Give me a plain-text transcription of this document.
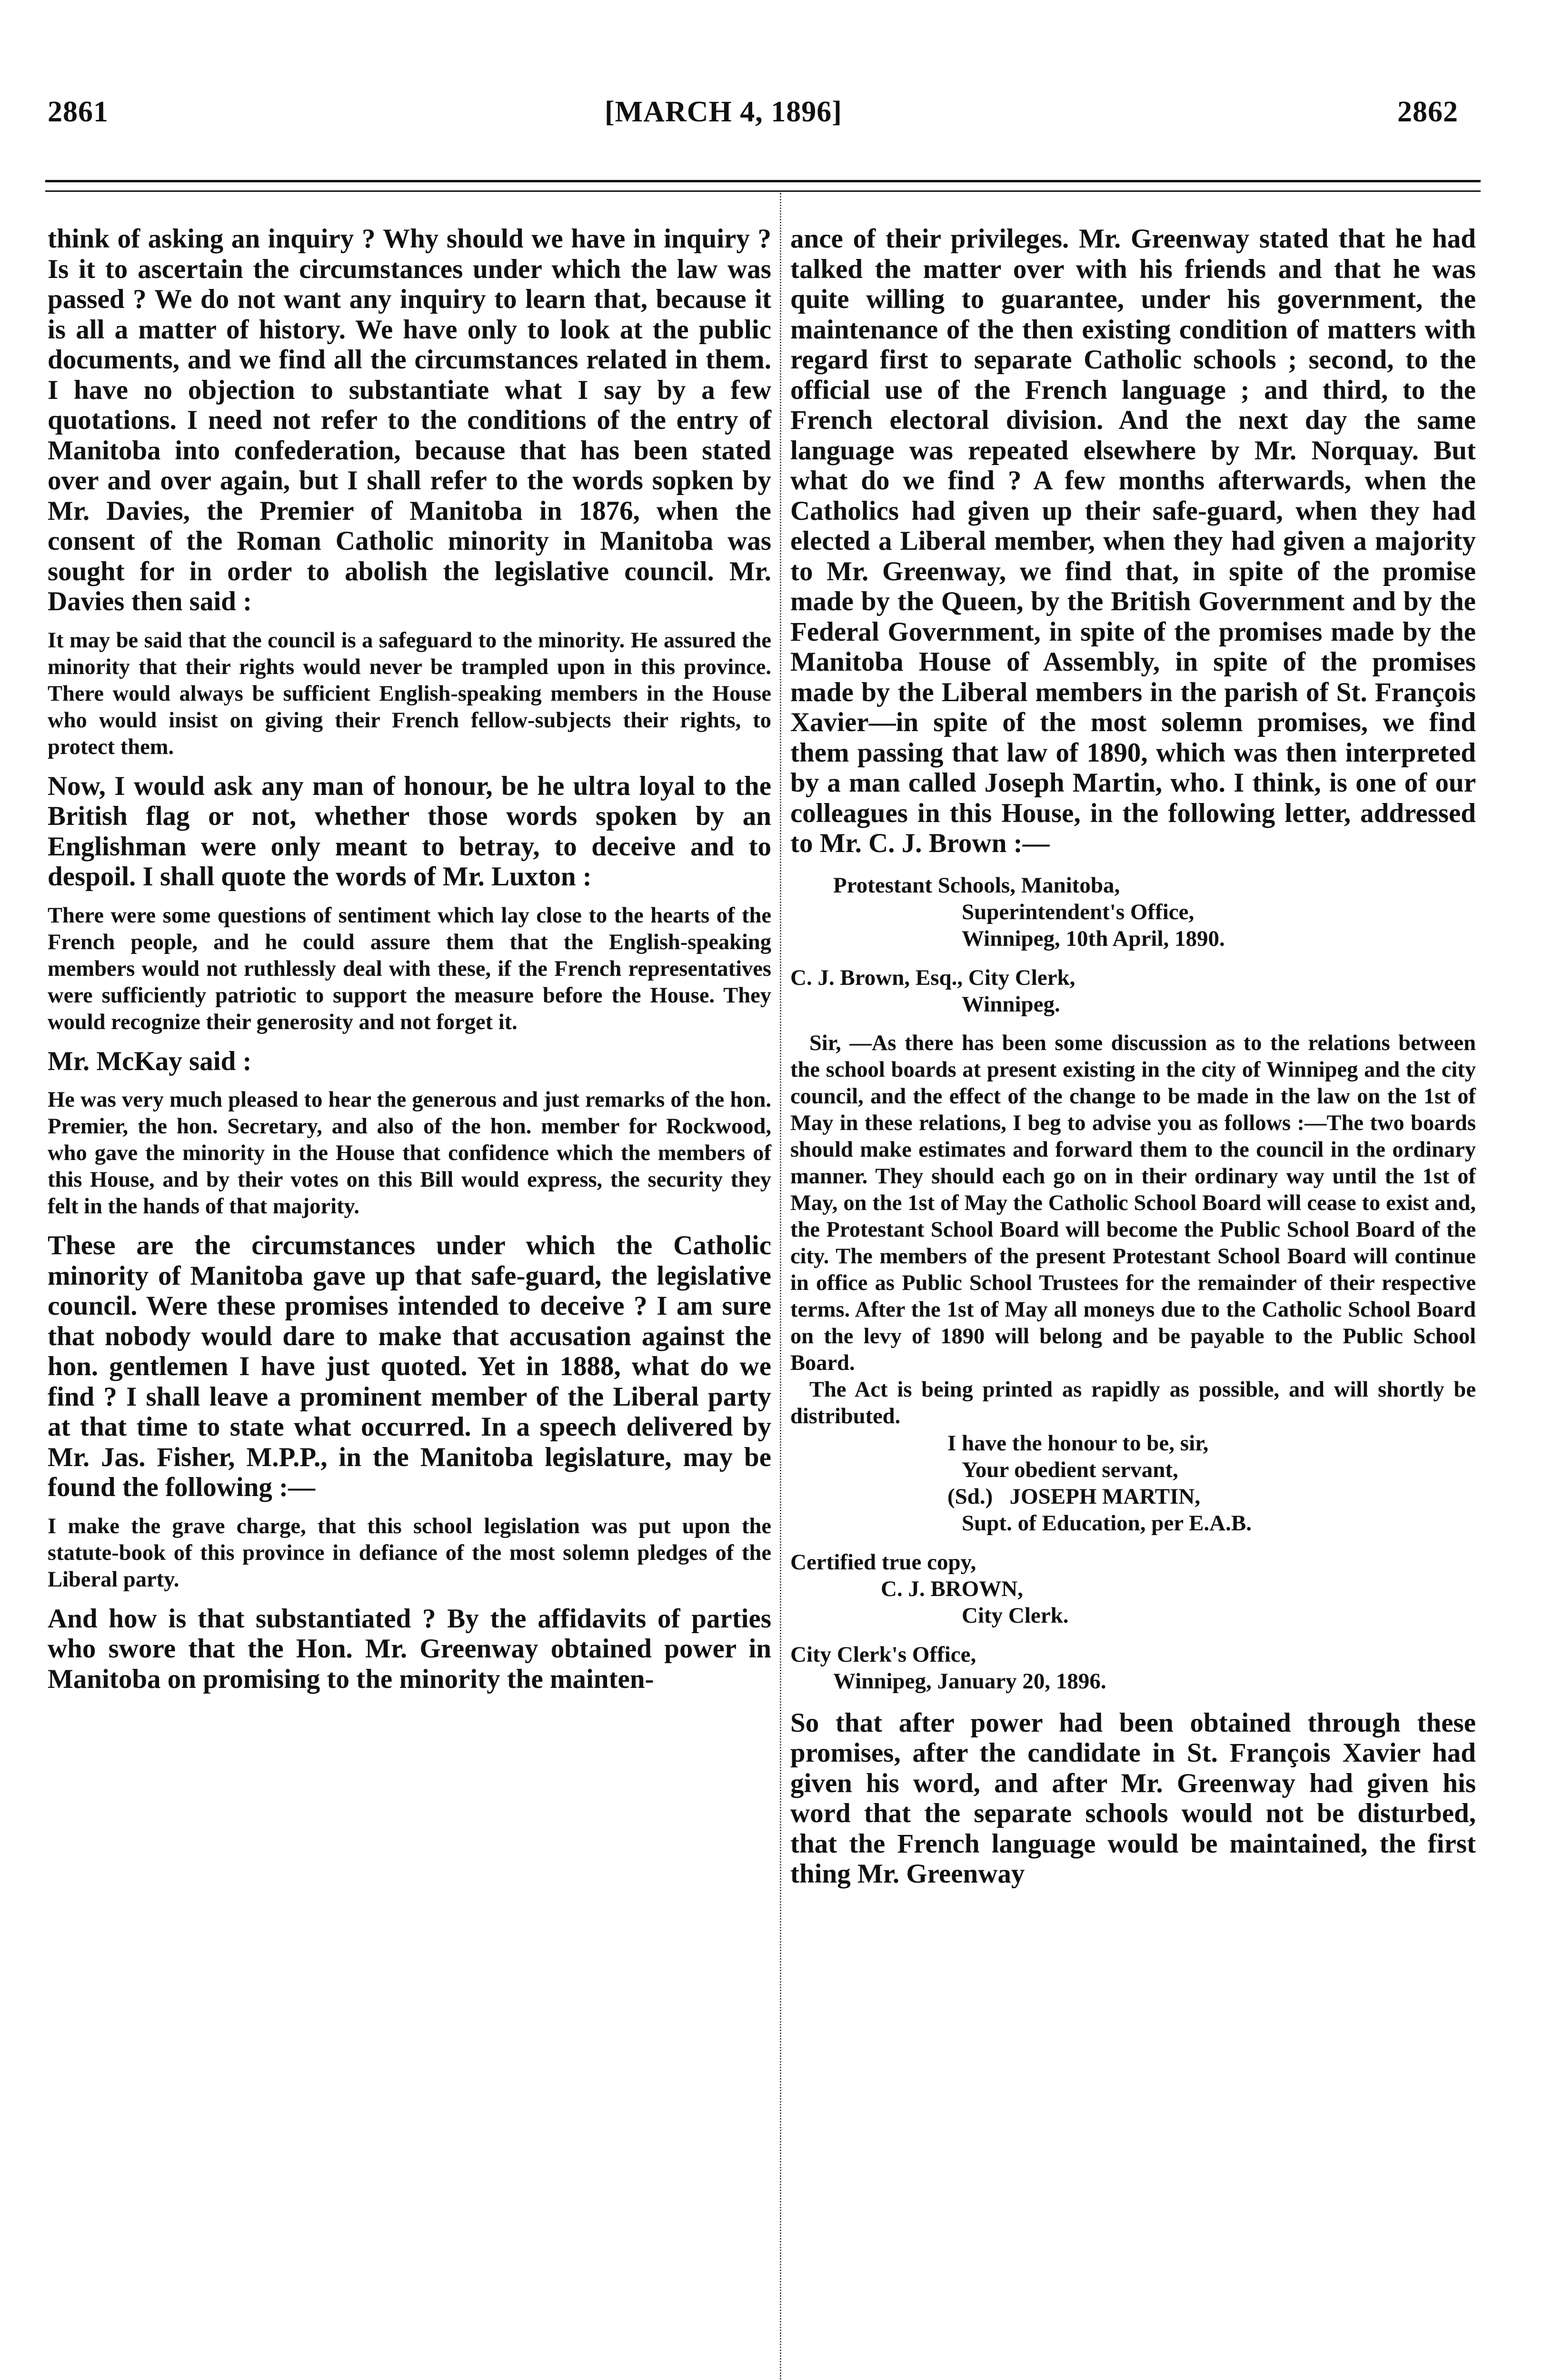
2861	[MARCH 4, 1896]	2862

think of asking an inquiry ? Why should we have in inquiry ? Is it to ascertain the circumstances under which the law was passed ? We do not want any inquiry to learn that, because it is all a matter of history. We have only to look at the public documents, and we find all the circumstances related in them. I have no objection to substantiate what I say by a few quotations. I need not refer to the conditions of the entry of Manitoba into confederation, because that has been stated over and over again, but I shall refer to the words sopken by Mr. Davies, the Premier of Manitoba in 1876, when the consent of the Roman Catholic minority in Manitoba was sought for in order to abolish the legislative council. Mr. Davies then said :

It may be said that the council is a safeguard to the minority. He assured the minority that their rights would never be trampled upon in this province. There would always be sufficient English-speaking members in the House who would insist on giving their French fellow-subjects their rights, to protect them.

Now, I would ask any man of honour, be he ultra loyal to the British flag or not, whether those words spoken by an Englishman were only meant to betray, to deceive and to despoil. I shall quote the words of Mr. Luxton :

There were some questions of sentiment which lay close to the hearts of the French people, and he could assure them that the English-speaking members would not ruthlessly deal with these, if the French representatives were sufficiently patriotic to support the measure before the House. They would recognize their generosity and not forget it.

Mr. McKay said :

He was very much pleased to hear the generous and just remarks of the hon. Premier, the hon. Secretary, and also of the hon. member for Rockwood, who gave the minority in the House that confidence which the members of this House, and by their votes on this Bill would express, the security they felt in the hands of that majority.

These are the circumstances under which the Catholic minority of Manitoba gave up that safe-guard, the legislative council. Were these promises intended to deceive ? I am sure that nobody would dare to make that accusation against the hon. gentlemen I have just quoted. Yet in 1888, what do we find ? I shall leave a prominent member of the Liberal party at that time to state what occurred. In a speech delivered by Mr. Jas. Fisher, M.P.P., in the Manitoba legislature, may be found the following :—

I make the grave charge, that this school legislation was put upon the statute-book of this province in defiance of the most solemn pledges of the Liberal party.

And how is that substantiated ? By the affidavits of parties who swore that the Hon. Mr. Greenway obtained power in Manitoba on promising to the minority the mainten-

ance of their privileges. Mr. Greenway stated that he had talked the matter over with his friends and that he was quite willing to guarantee, under his government, the maintenance of the then existing condition of matters with regard first to separate Catholic schools ; second, to the official use of the French language ; and third, to the French electoral division. And the next day the same language was repeated elsewhere by Mr. Norquay. But what do we find ? A few months afterwards, when the Catholics had given up their safe-guard, when they had elected a Liberal member, when they had given a majority to Mr. Greenway, we find that, in spite of the promise made by the Queen, by the British Government and by the Federal Government, in spite of the promises made by the Manitoba House of Assembly, in spite of the promises made by the Liberal members in the parish of St. François Xavier—in spite of the most solemn promises, we find them passing that law of 1890, which was then interpreted by a man called Joseph Martin, who. I think, is one of our colleagues in this House, in the following letter, addressed to Mr. C. J. Brown :—

Protestant Schools, Manitoba,
Superintendent's Office,
Winnipeg, 10th April, 1890.
C. J. Brown, Esq., City Clerk,
Winnipeg.

Sir, —As there has been some discussion as to the relations between the school boards at present existing in the city of Winnipeg and the city council, and the effect of the change to be made in the law on the 1st of May in these relations, I beg to advise you as follows :—The two boards should make estimates and forward them to the council in the ordinary manner. They should each go on in their ordinary way until the 1st of May, on the 1st of May the Catholic School Board will cease to exist and, the Protestant School Board will become the Public School Board of the city. The members of the present Protestant School Board will continue in office as Public School Trustees for the remainder of their respective terms. After the 1st of May all moneys due to the Catholic School Board on the levy of 1890 will belong and be payable to the Public School Board.

The Act is being printed as rapidly as possible, and will shortly be distributed.

I have the honour to be, sir,
Your obedient servant,
(Sd.)   JOSEPH MARTIN,
Supt. of Education, per E.A.B.
Certified true copy,
C. J. BROWN,
City Clerk.
City Clerk's Office,
Winnipeg, January 20, 1896.

So that after power had been obtained through these promises, after the candidate in St. François Xavier had given his word, and after Mr. Greenway had given his word that the separate schools would not be disturbed, that the French language would be maintained, the first thing Mr. Greenway
